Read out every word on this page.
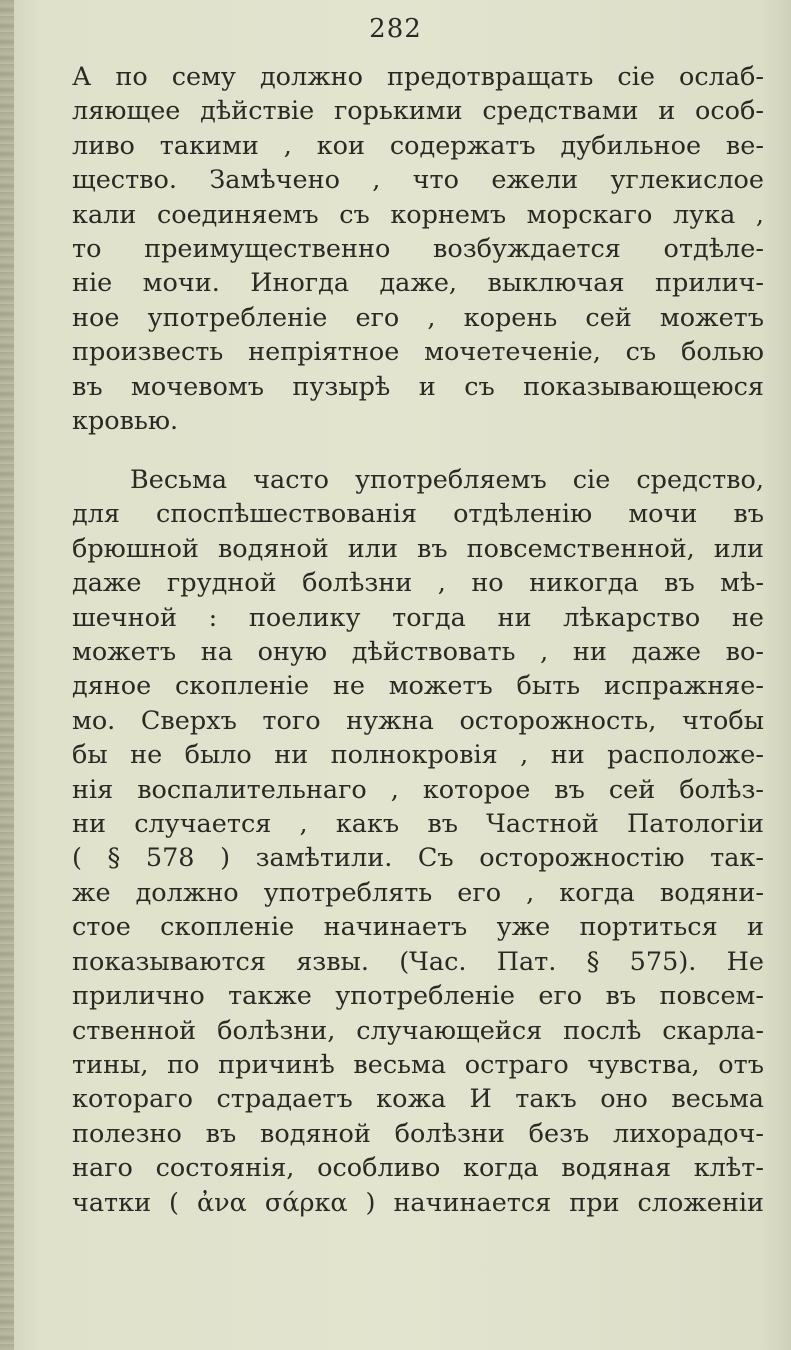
282
А по сему должно предотвращать сіе ослаб-
ляющее дѣйствіе горькими средствами и особ-
ливо такими , кои содержатъ дубильное ве-
щество. Замѣчено , что ежели углекислое
кали соединяемъ съ корнемъ морскаго лука ,
то преимущественно возбуждается отдѣле-
ніе мочи. Иногда даже, выключая прилич-
ное употребленіе его , корень сей можетъ
произвесть непріятное мочетеченіе, съ болью
въ мочевомъ пузырѣ и съ показывающеюся
кровью.
Весьма часто употребляемъ сіе средство,
для споспѣшествованія отдѣленію мочи въ
брюшной водяной или въ повсемственной, или
даже грудной болѣзни , но никогда въ мѣ-
шечной : поелику тогда ни лѣкарство не
можетъ на оную дѣйствовать , ни даже во-
дяное скопленіе не можетъ быть испражняе-
мо. Сверхъ того нужна осторожность, чтобы
бы не было ни полнокровія , ни расположе-
нія воспалительнаго , которое въ сей болѣз-
ни случается , какъ въ Частной Патологіи
( § 578 ) замѣтили. Съ осторожностію так-
же должно употреблять его , когда водяни-
стое скопленіе начинаетъ уже портиться и
показываются язвы. (Час. Пат. § 575). Не
прилично также употребленіе его въ повсем-
ственной болѣзни, случающейся послѣ скарла-
тины, по причинѣ весьма остраго чувства, отъ
котораго страдаетъ кожа И такъ оно весьма
полезно въ водяной болѣзни безъ лихорадоч-
наго состоянія, особливо когда водяная клѣт-
чатки ( ἀνα σάρκα ) начинается при сложеніи
